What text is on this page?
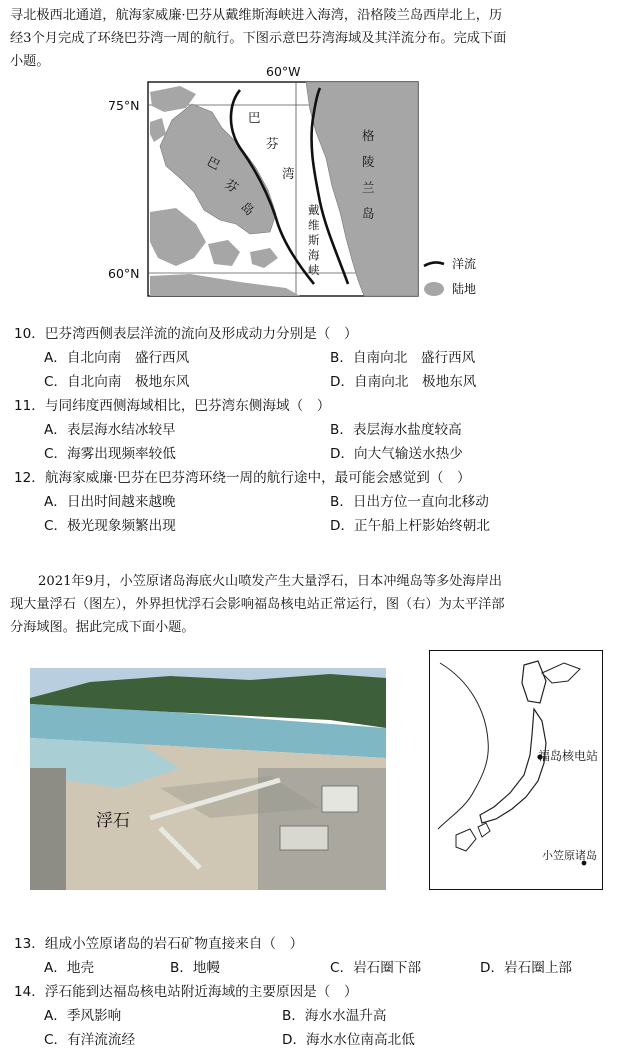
寻北极西北通道，航海家威廉·巴芬从戴维斯海峡进入海湾，沿格陵兰岛西岸北上，历
经3个月完成了环绕巴芬湾一周的航行。下图示意巴芬湾海域及其洋流分布。完成下面
小题。
60°W
75°N
60°N
巴
芬
湾
巴
芬
岛
格
陵
兰
岛
戴
维
斯
海
峡	洋流
陆地
10．巴芬湾西侧表层洋流的流向及形成动力分别是（　）
A．自北向南　盛行西风	B．自南向北　盛行西风
C．自北向南　极地东风	D．自南向北　极地东风
11．与同纬度西侧海域相比，巴芬湾东侧海域（　）
A．表层海水结冰较早	B．表层海水盐度较高
C．海雾出现频率较低	D．向大气输送水热少
12．航海家威廉·巴芬在巴芬湾环绕一周的航行途中，最可能会感觉到（　）
A．日出时间越来越晚	B．日出方位一直向北移动
C．极光现象频繁出现	D．正午船上杆影始终朝北
2021年9月，小笠原诸岛海底火山喷发产生大量浮石，日本冲绳岛等多处海岸出
现大量浮石（图左），外界担忧浮石会影响福岛核电站正常运行，图（右）为太平洋部
分海域图。据此完成下面小题。
浮石
福岛核电站
小笠原诸岛
13．组成小笠原诸岛的岩石矿物直接来自（　）
A．地壳	B．地幔	C．岩石圈下部	D．岩石圈上部
14．浮石能到达福岛核电站附近海域的主要原因是（　）
A．季风影响	B．海水水温升高
C．有洋流流经	D．海水水位南高北低
